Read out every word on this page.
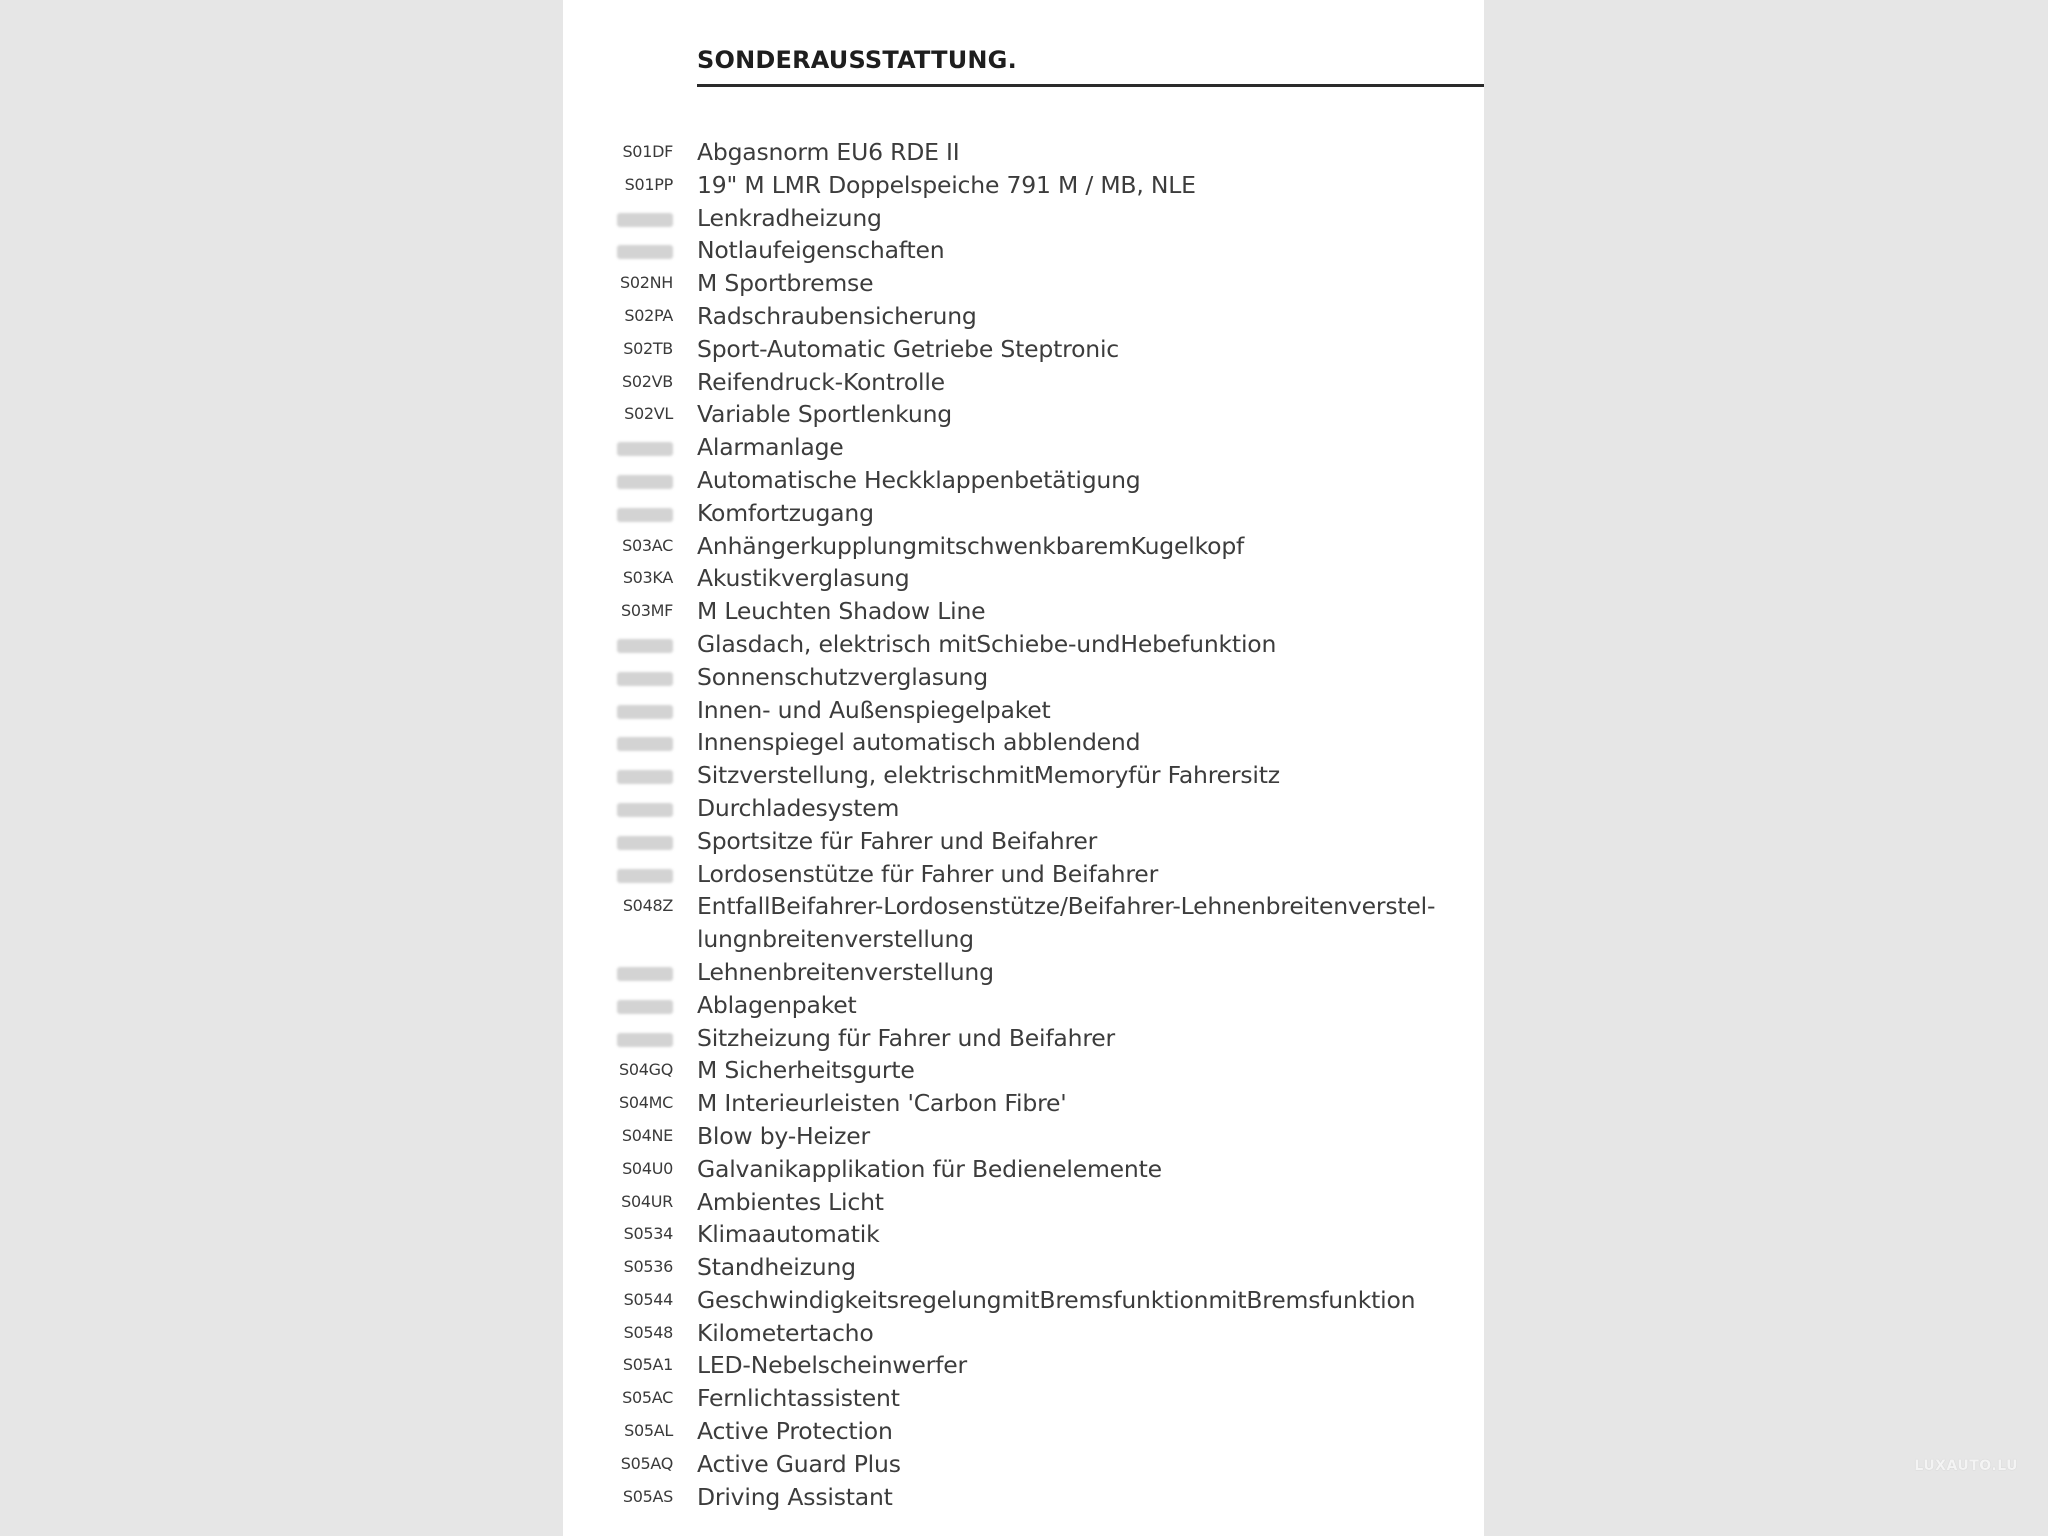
SONDERAUSSTATTUNG.
S01DF Abgasnorm EU6 RDE II
S01PP 19" M LMR Doppelspeiche 791 M / MB, NLE
Lenkradheizung
Notlaufeigenschaften
S02NH M Sportbremse
S02PA Radschraubensicherung
S02TB Sport-Automatic Getriebe Steptronic
S02VB Reifendruck-Kontrolle
S02VL Variable Sportlenkung
Alarmanlage
Automatische Heckklappenbetätigung
Komfortzugang
S03AC AnhängerkupplungmitschwenkbaremKugelkopf
S03KA Akustikverglasung
S03MF M Leuchten Shadow Line
Glasdach, elektrisch mitSchiebe-undHebefunktion
Sonnenschutzverglasung
Innen- und Außenspiegelpaket
Innenspiegel automatisch abblendend
Sitzverstellung, elektrischmitMemoryfür Fahrersitz
Durchladesystem
Sportsitze für Fahrer und Beifahrer
Lordosenstütze für Fahrer und Beifahrer
S048Z EntfallBeifahrer-Lordosenstütze/Beifahrer-Lehnenbreitenverstel-lungnbreitenverstellung
Lehnenbreitenverstellung
Ablagenpaket
Sitzheizung für Fahrer und Beifahrer
S04GQ M Sicherheitsgurte
S04MC M Interieurleisten 'Carbon Fibre'
S04NE Blow by-Heizer
S04U0 Galvanikapplikation für Bedienelemente
S04UR Ambientes Licht
S0534 Klimaautomatik
S0536 Standheizung
S0544 GeschwindigkeitsregelungmitBremsfunktionmitBremsfunktion
S0548 Kilometertacho
S05A1 LED-Nebelscheinwerfer
S05AC Fernlichtassistent
S05AL Active Protection
S05AQ Active Guard Plus
S05AS Driving Assistant
LUXAUTO.LU
